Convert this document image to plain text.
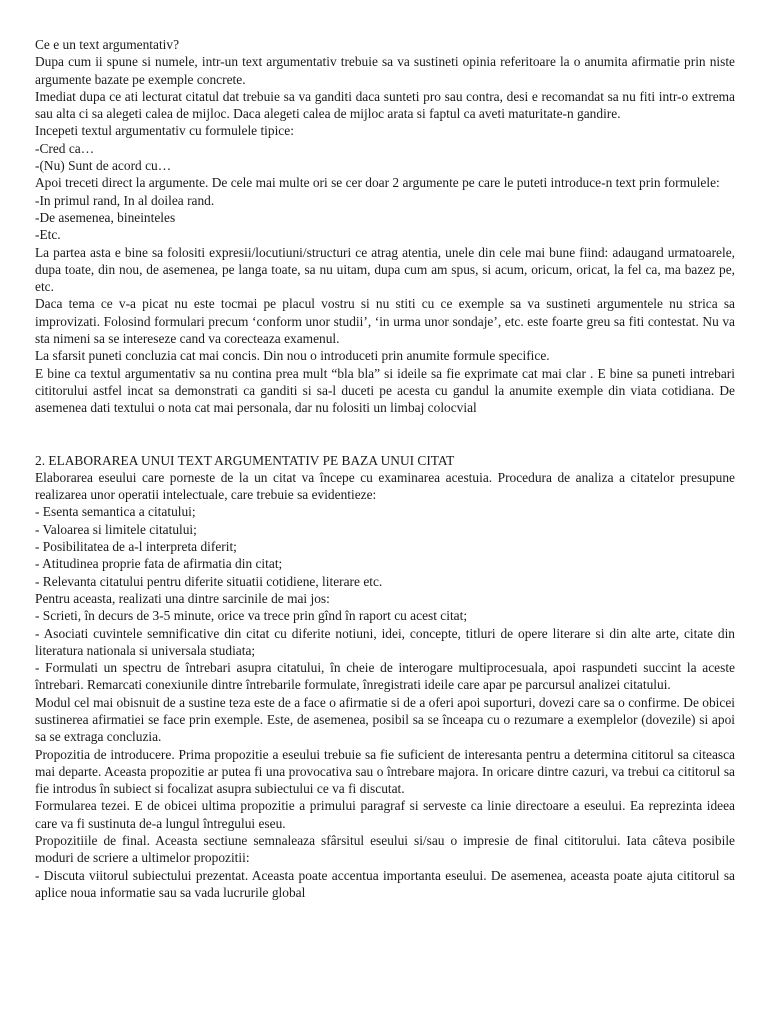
Ce e un text argumentativ?

Dupa cum ii spune si numele, intr-un text argumentativ trebuie sa va sustineti opinia referitoare la o anumita afirmatie prin niste argumente bazate pe exemple concrete.

Imediat dupa ce ati lecturat citatul dat trebuie sa va ganditi daca sunteti pro sau contra, desi e recomandat sa nu fiti intr-o extrema sau alta ci sa alegeti calea de mijloc. Daca alegeti calea de mijloc arata si faptul ca aveti maturitate-n gandire.

Incepeti textul argumentativ cu formulele tipice:

-Cred ca…

-(Nu) Sunt de acord cu…

Apoi treceti direct la argumente. De cele mai multe ori se cer doar 2 argumente pe care le puteti introduce-n text prin formulele:

-In primul rand, In al doilea rand.

-De asemenea, bineinteles

-Etc.

La partea asta e bine sa folositi expresii/locutiuni/structuri ce atrag atentia, unele din cele mai bune fiind: adaugand urmatoarele, dupa toate, din nou, de asemenea, pe langa toate, sa nu uitam, dupa cum am spus, si acum, oricum, oricat, la fel ca, ma bazez pe, etc.

Daca tema ce v-a picat nu este tocmai pe placul vostru si nu stiti cu ce exemple sa va sustineti argumentele nu strica sa improvizati. Folosind formulari precum ‘conform unor studii’, ‘in urma unor sondaje’, etc. este foarte greu sa fiti contestat. Nu va sta nimeni sa se intereseze cand va corecteaza examenul.

La sfarsit puneti concluzia cat mai concis. Din nou o introduceti prin anumite formule specifice.

E bine ca textul argumentativ sa nu contina prea mult “bla bla” si ideile sa fie exprimate cat mai clar . E bine sa puneti intrebari cititorului astfel incat sa demonstrati ca ganditi si sa-l duceti pe acesta cu gandul la anumite exemple din viata cotidiana. De asemenea dati textului o nota cat mai personala, dar nu folositi un limbaj colocvial

2. ELABORAREA UNUI TEXT ARGUMENTATIV PE BAZA UNUI CITAT

Elaborarea eseului care porneste de la un citat va începe cu examinarea acestuia. Procedura de analiza a citatelor presupune realizarea unor operatii intelectuale, care trebuie sa evidentieze:

- Esenta semantica a citatului;

- Valoarea si limitele citatului;

- Posibilitatea de a-l interpreta diferit;

- Atitudinea proprie fata de afirmatia din citat;

- Relevanta citatului pentru diferite situatii cotidiene, literare etc.

Pentru aceasta, realizati una dintre sarcinile de mai jos:

- Scrieti, în decurs de 3-5 minute, orice va trece prin gînd în raport cu acest citat;

- Asociati cuvintele semnificative din citat cu diferite notiuni, idei, concepte, titluri de opere literare si din alte arte, citate din literatura nationala si universala studiata;

- Formulati un spectru de întrebari asupra citatului, în cheie de interogare multiprocesuala, apoi raspundeti succint la aceste întrebari. Remarcati conexiunile dintre întrebarile formulate, înregistrati ideile care apar pe parcursul analizei citatului.

Modul cel mai obisnuit de a sustine teza este de a face o afirmatie si de a oferi apoi suporturi, dovezi care sa o confirme. De obicei sustinerea afirmatiei se face prin exemple. Este, de asemenea, posibil sa se înceapa cu o rezumare a exemplelor (dovezile) si apoi sa se extraga concluzia.

Propozitia de introducere. Prima propozitie a eseului trebuie sa fie suficient de interesanta pentru a determina cititorul sa citeasca mai departe. Aceasta propozitie ar putea fi una provocativa sau o întrebare majora. In oricare dintre cazuri, va trebui ca cititorul sa fie introdus în subiect si focalizat asupra subiectului ce va fi discutat.

Formularea tezei. E de obicei ultima propozitie a primului paragraf si serveste ca linie directoare a eseului. Ea reprezinta ideea care va fi sustinuta de-a lungul întregului eseu.

Propozitiile de final. Aceasta sectiune semnaleaza sfârsitul eseului si/sau o impresie de final cititorului. Iata câteva posibile moduri de scriere a ultimelor propozitii:

- Discuta viitorul subiectului prezentat. Aceasta poate accentua importanta eseului. De asemenea, aceasta poate ajuta cititorul sa aplice noua informatie sau sa vada lucrurile global
